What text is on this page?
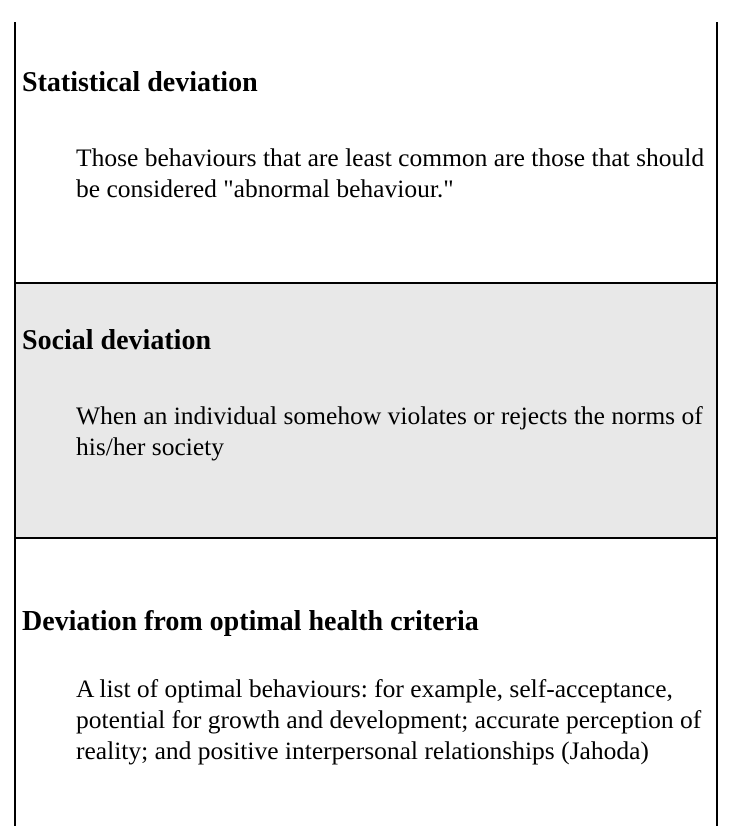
Statistical deviation

Those behaviours that are least common are those that should be considered "abnormal behaviour."

Social deviation

When an individual somehow violates or rejects the norms of his/her society

Deviation from optimal health criteria

A list of optimal behaviours: for example, self-acceptance, potential for growth and development; accurate perception of reality; and positive interpersonal relationships (Jahoda)
